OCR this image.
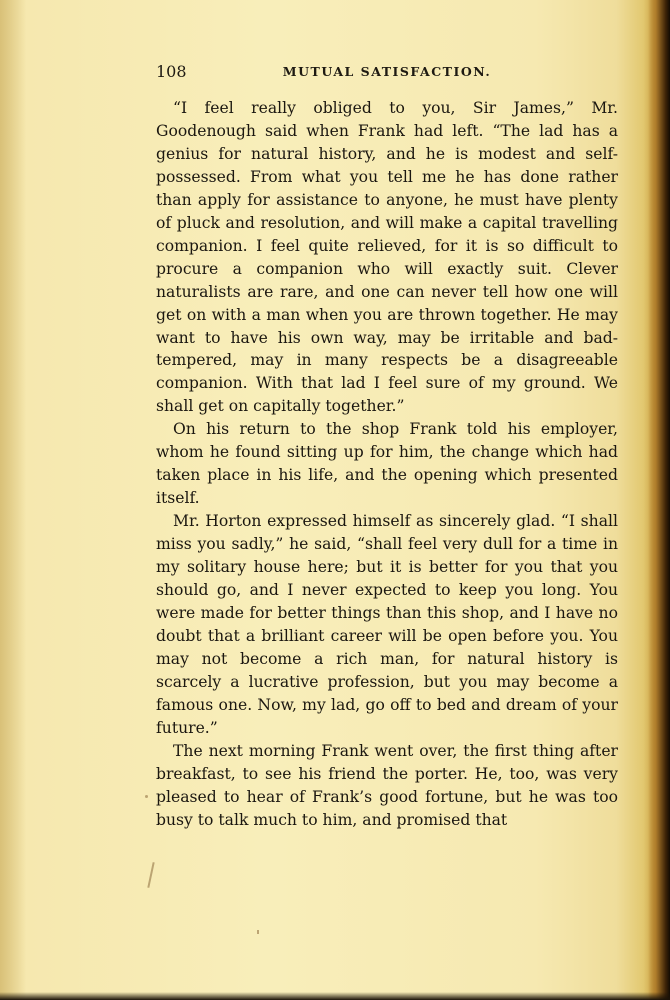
108	MUTUAL SATISFACTION.

“I feel really obliged to you, Sir James,” Mr. Goodenough said when Frank had left. “The lad has a genius for natural history, and he is modest and self-possessed. From what you tell me he has done rather than apply for assistance to anyone, he must have plenty of pluck and resolution, and will make a capital travelling companion. I feel quite relieved, for it is so difficult to procure a companion who will exactly suit. Clever naturalists are rare, and one can never tell how one will get on with a man when you are thrown together. He may want to have his own way, may be irritable and bad-tempered, may in many respects be a disagreeable companion. With that lad I feel sure of my ground. We shall get on capitally together.”

On his return to the shop Frank told his employer, whom he found sitting up for him, the change which had taken place in his life, and the opening which presented itself.

Mr. Horton expressed himself as sincerely glad. “I shall miss you sadly,” he said, “shall feel very dull for a time in my solitary house here; but it is better for you that you should go, and I never expected to keep you long. You were made for better things than this shop, and I have no doubt that a brilliant career will be open before you. You may not become a rich man, for natural history is scarcely a lucrative profession, but you may become a famous one. Now, my lad, go off to bed and dream of your future.”

The next morning Frank went over, the first thing after breakfast, to see his friend the porter. He, too, was very pleased to hear of Frank’s good fortune, but he was too busy to talk much to him, and promised that
